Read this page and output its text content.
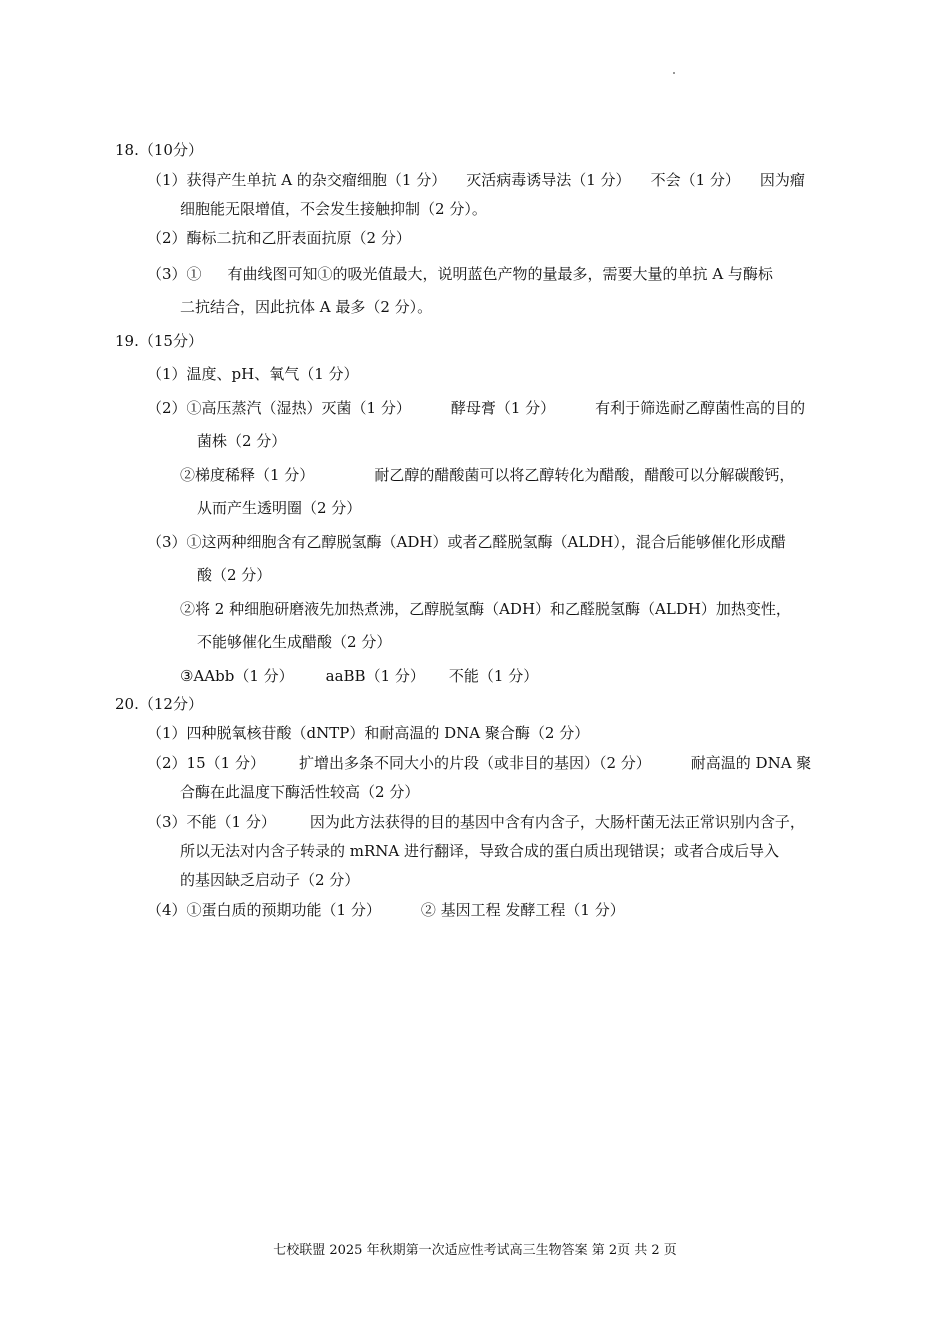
18.（10分）
（1）获得产生单抗 A 的杂交瘤细胞（1 分） 灭活病毒诱导法（1 分） 不会（1 分） 因为瘤
细胞能无限增值，不会发生接触抑制（2 分）。
（2）酶标二抗和乙肝表面抗原（2 分）
（3）① 有曲线图可知①的吸光值最大，说明蓝色产物的量最多，需要大量的单抗 A 与酶标
二抗结合，因此抗体 A 最多（2 分）。
19.（15分）
（1）温度、pH、氧气（1 分）
（2）①高压蒸汽（湿热）灭菌（1 分）	酵母膏（1 分）	有利于筛选耐乙醇菌性高的目的
菌株（2 分）
②梯度稀释（1 分）	耐乙醇的醋酸菌可以将乙醇转化为醋酸，醋酸可以分解碳酸钙，
从而产生透明圈（2 分）
（3）①这两种细胞含有乙醇脱氢酶（ADH）或者乙醛脱氢酶（ALDH），混合后能够催化形成醋
酸（2 分）
②将 2 种细胞研磨液先加热煮沸，乙醇脱氢酶（ADH）和乙醛脱氢酶（ALDH）加热变性，
不能够催化生成醋酸（2 分）
③AAbb（1 分） aaBB（1 分） 不能（1 分）
20.（12分）
（1）四种脱氧核苷酸（dNTP）和耐高温的 DNA 聚合酶（2 分）
（2）15（1 分） 扩增出多条不同大小的片段（或非目的基因）（2 分）	耐高温的 DNA 聚
合酶在此温度下酶活性较高（2 分）
（3）不能（1 分） 因为此方法获得的目的基因中含有内含子，大肠杆菌无法正常识别内含子，
所以无法对内含子转录的 mRNA 进行翻译，导致合成的蛋白质出现错误；或者合成后导入
的基因缺乏启动子（2 分）
（4）①蛋白质的预期功能（1 分）	② 基因工程 发酵工程（1 分）
七校联盟 2025 年秋期第一次适应性考试高三生物答案 第 2页 共 2 页
